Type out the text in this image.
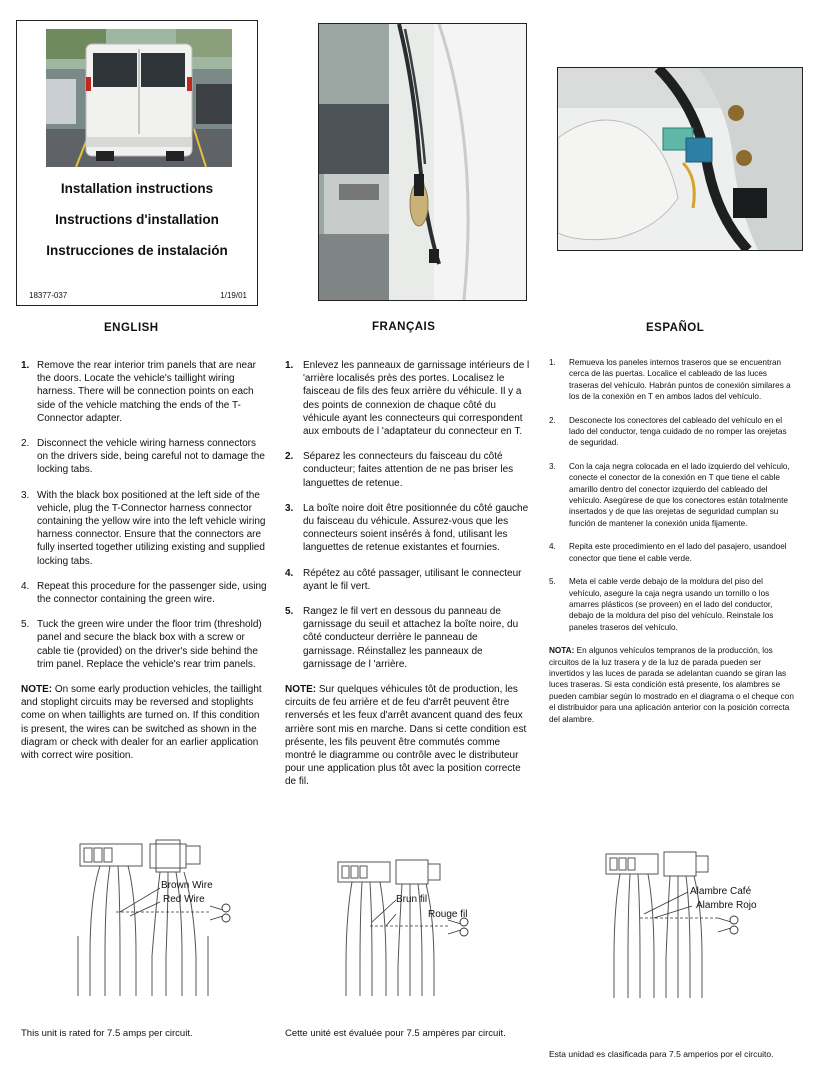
Installation instructions
Instructions d'installation
Instrucciones de instalación
18377-037	1/19/01
ENGLISH	FRANÇAIS	ESPAÑOL
1. Remove the rear interior trim panels that are near the doors. Locate the vehicle's taillight wiring harness. There will be connection points on each side of the vehicle matching the ends of the T-Connector adapter.
2. Disconnect the vehicle wiring harness connectors on the drivers side, being careful not to damage the locking tabs.
3. With the black box positioned at the left side of the vehicle, plug the T-Connector harness connector containing the yellow wire into the left vehicle wiring harness connector. Ensure that the connectors are fully inserted together utilizing existing and supplied locking tabs.
4. Repeat this procedure for the passenger side, using the connector containing the green wire.
5. Tuck the green wire under the floor trim (threshold) panel and secure the black box with a screw or cable tie (provided) on the driver's side behind the trim panel. Replace the vehicle's rear trim panels.
NOTE: On some early production vehicles, the taillight and stoplight circuits may be reversed and stoplights come on when taillights are turned on. If this condition is present, the wires can be switched as shown in the diagram or check with dealer for an earlier application with correct wire position.
1. Enlevez les panneaux de garnissage intérieurs de l 'arrière localisés près des portes. Localisez le faisceau de fils des feux arrière du véhicule. Il y a des points de connexion de chaque côté du véhicule ayant les connecteurs qui correspondent aux embouts de l 'adaptateur du connecteur en T.
2. Séparez les connecteurs du faisceau du côté conducteur; faites attention de ne pas briser les languettes de retenue.
3. La boîte noire doit être positionnée du côté gauche du faisceau du véhicule. Assurez-vous que les connecteurs soient insérés à fond, utilisant les languettes de retenue existantes et fournies.
4. Répétez au côté passager, utilisant le connecteur ayant le fil vert.
5. Rangez le fil vert en dessous du panneau de garnissage du seuil et attachez la boîte noire, du côté conducteur derrière le panneau de garnissage. Réinstallez les panneaux de garnissage de l 'arrière.
NOTE: Sur quelques véhicules tôt de production, les circuits de feu arrière et de feu d'arrêt peuvent être renversés et les feux d'arrêt avancent quand des feux arrière sont mis en marche. Dans si cette condition est présente, les fils peuvent être commutés comme montré le diagramme ou contrôle avec le distributeur pour une application plus tôt avec la position correcte de fil.
1. Remueva los paneles internos traseros que se encuentran cerca de las puertas. Localice el cableado de las luces traseras del vehículo. Habrán puntos de conexión similares a los de la conexión en T en ambos lados del vehículo.
2. Desconecte los conectores del cableado del vehículo en el lado del conductor, tenga cuidado de no romper las orejetas de seguridad.
3. Con la caja negra colocada en el lado izquierdo del vehículo, conecte el conector de la conexión en T que tiene el cable amarillo dentro del conector izquierdo del cableado del vehículo. Asegúrese de que los conectores están totalmente insertados y de que las orejetas de seguridad cumplan su función de mantener la conexión unida fijamente.
4. Repita este procedimiento en el lado del pasajero, usandoel conector que tiene el cable verde.
5. Meta el cable verde debajo de la moldura del piso del vehículo, asegure la caja negra usando un tornillo o los amarres plásticos (se proveen) en el lado del conductor, debajo de la moldura del piso del vehículo. Reinstale los paneles traseros del vehículo.
NOTA: En algunos vehículos tempranos de la producción, los circuitos de la luz trasera y de la luz de parada pueden ser invertidos y las luces de parada se adelantan cuando se giran las luces traseras. Si esta condición está presente, los alambres se pueden cambiar según lo mostrado en el diagrama o el cheque con el distribuidor para una aplicación anterior con la posición correcta del alambre.
Brown Wire
Red Wire	Brun fil
Rouge fil
Alambre Café
Alambre Rojo
This unit is rated for 7.5 amps per circuit.	Cette unité est évaluée pour 7.5 ampères par circuit.
Esta unidad es clasificada para 7.5 amperios por el circuito.
